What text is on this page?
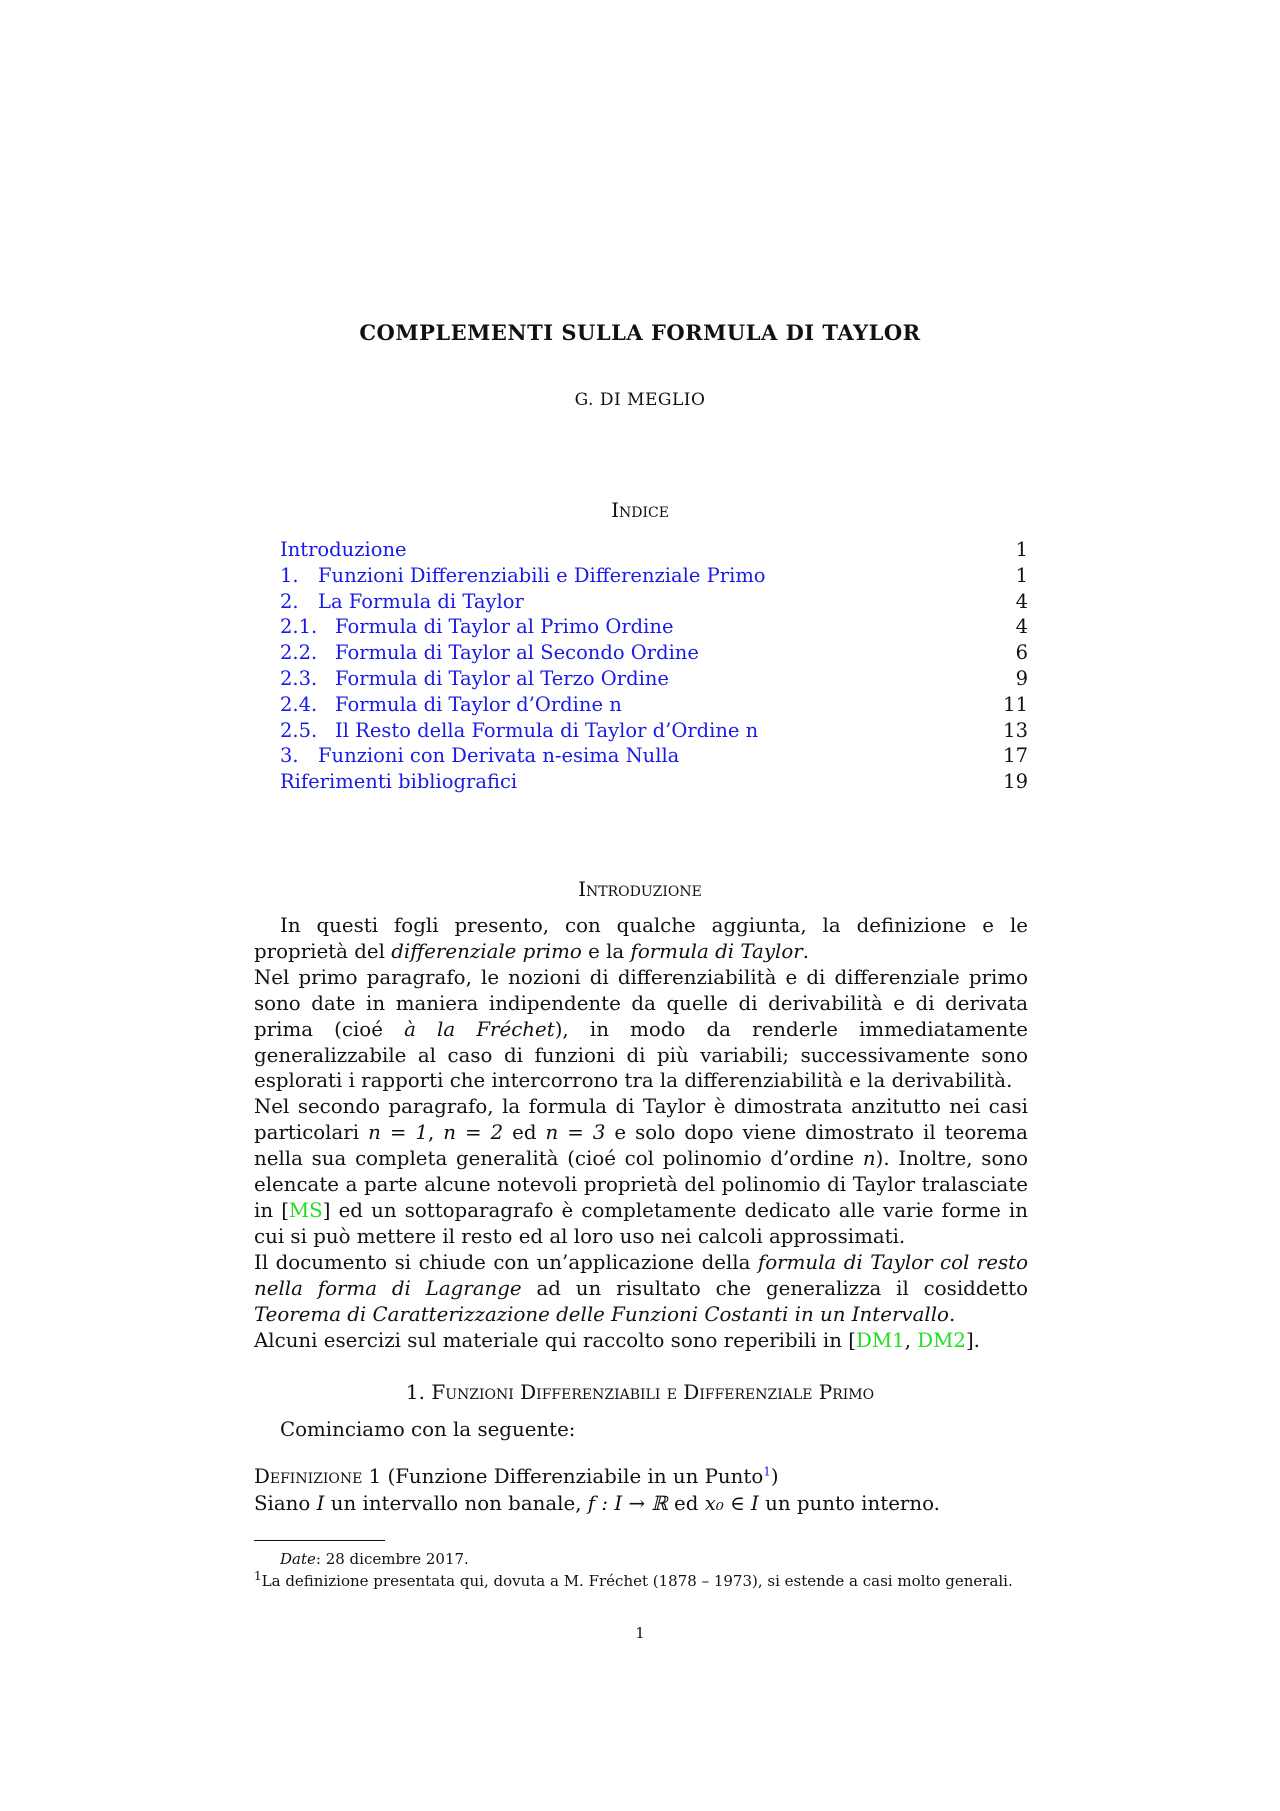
COMPLEMENTI SULLA FORMULA DI TAYLOR
G. DI MEGLIO
Indice
Introduzione	1
1. Funzioni Differenziabili e Differenziale Primo	1
2. La Formula di Taylor	4
2.1. Formula di Taylor al Primo Ordine	4
2.2. Formula di Taylor al Secondo Ordine	6
2.3. Formula di Taylor al Terzo Ordine	9
2.4. Formula di Taylor d’Ordine n	11
2.5. Il Resto della Formula di Taylor d’Ordine n	13
3. Funzioni con Derivata n-esima Nulla	17
Riferimenti bibliografici	19
Introduzione
In questi fogli presento, con qualche aggiunta, la definizione e le proprietà del differenziale primo e la formula di Taylor.
Nel primo paragrafo, le nozioni di differenziabilità e di differenziale primo sono date in maniera indipendente da quelle di derivabilità e di derivata prima (cioé à la Fréchet), in modo da renderle immediatamente generalizzabile al caso di funzioni di più variabili; successivamente sono esplorati i rapporti che intercorrono tra la differenziabilità e la derivabilità.
Nel secondo paragrafo, la formula di Taylor è dimostrata anzitutto nei casi particolari n = 1, n = 2 ed n = 3 e solo dopo viene dimostrato il teorema nella sua completa generalità (cioé col polinomio d’ordine n). Inoltre, sono elencate a parte alcune notevoli proprietà del polinomio di Taylor tralasciate in [MS] ed un sottoparagrafo è completamente dedicato alle varie forme in cui si può mettere il resto ed al loro uso nei calcoli approssimati.
Il documento si chiude con un’applicazione della formula di Taylor col resto nella forma di Lagrange ad un risultato che generalizza il cosiddetto Teorema di Caratterizzazione delle Funzioni Costanti in un Intervallo.
Alcuni esercizi sul materiale qui raccolto sono reperibili in [DM1, DM2].
1. Funzioni Differenziabili e Differenziale Primo
Cominciamo con la seguente:
Definizione 1 (Funzione Differenziabile in un Punto$^1$)
Siano I un intervallo non banale, f : I → ℝ ed x₀ ∈ I un punto interno.
Date: 28 dicembre 2017.
$^1$La definizione presentata qui, dovuta a M. Fréchet (1878 – 1973), si estende a casi molto generali.
1
